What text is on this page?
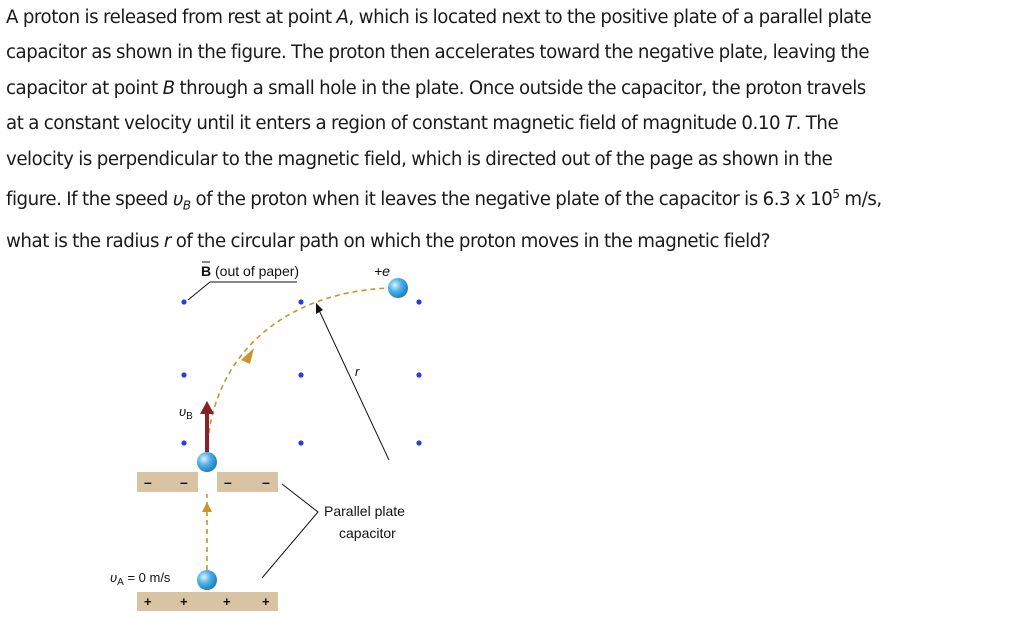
A proton is released from rest at point A, which is located next to the positive plate of a parallel plate
capacitor as shown in the figure. The proton then accelerates toward the negative plate, leaving the
capacitor at point B through a small hole in the plate. Once outside the capacitor, the proton travels
at a constant velocity until it enters a region of constant magnetic field of magnitude 0.10 T. The
velocity is perpendicular to the magnetic field, which is directed out of the page as shown in the
figure. If the speed $\upsilon_B$ of the proton when it leaves the negative plate of the capacitor is 6.3 x $10^5$ m/s,
what is the radius r of the circular path on which the proton moves in the magnetic field?
B (out of paper)
r
+e
$\upsilon_B$
– –	– –
Parallel plate
capacitor
$\upsilon_A = 0$ m/s
+ +	+ +
